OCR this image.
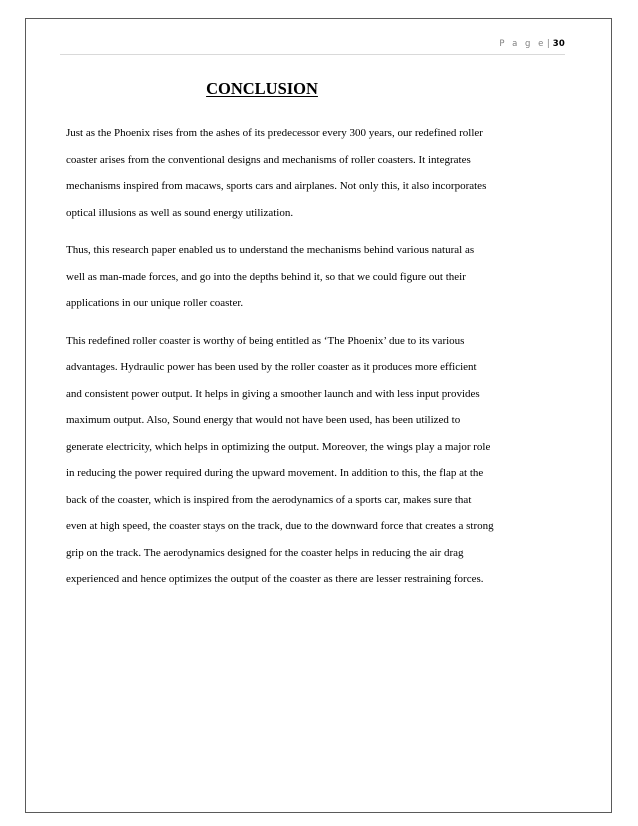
P a g e| 30
CONCLUSION
Just as the Phoenix rises from the ashes of its predecessor every 300 years, our redefined roller
coaster arises from the conventional designs and mechanisms of roller coasters. It integrates
mechanisms inspired from macaws, sports cars and airplanes. Not only this, it also incorporates
optical illusions as well as sound energy utilization.
Thus, this research paper enabled us to understand the mechanisms behind various natural as
well as man-made forces, and go into the depths behind it, so that we could figure out their
applications in our unique roller coaster.
This redefined roller coaster is worthy of being entitled as ‘The Phoenix’ due to its various
advantages. Hydraulic power has been used by the roller coaster as it produces more efficient
and consistent power output. It helps in giving a smoother launch and with less input provides
maximum output. Also, Sound energy that would not have been used, has been utilized to
generate electricity, which helps in optimizing the output. Moreover, the wings play a major role
in reducing the power required during the upward movement. In addition to this, the flap at the
back of the coaster, which is inspired from the aerodynamics of a sports car, makes sure that
even at high speed, the coaster stays on the track, due to the downward force that creates a strong
grip on the track. The aerodynamics designed for the coaster helps in reducing the air drag
experienced and hence optimizes the output of the coaster as there are lesser restraining forces.
